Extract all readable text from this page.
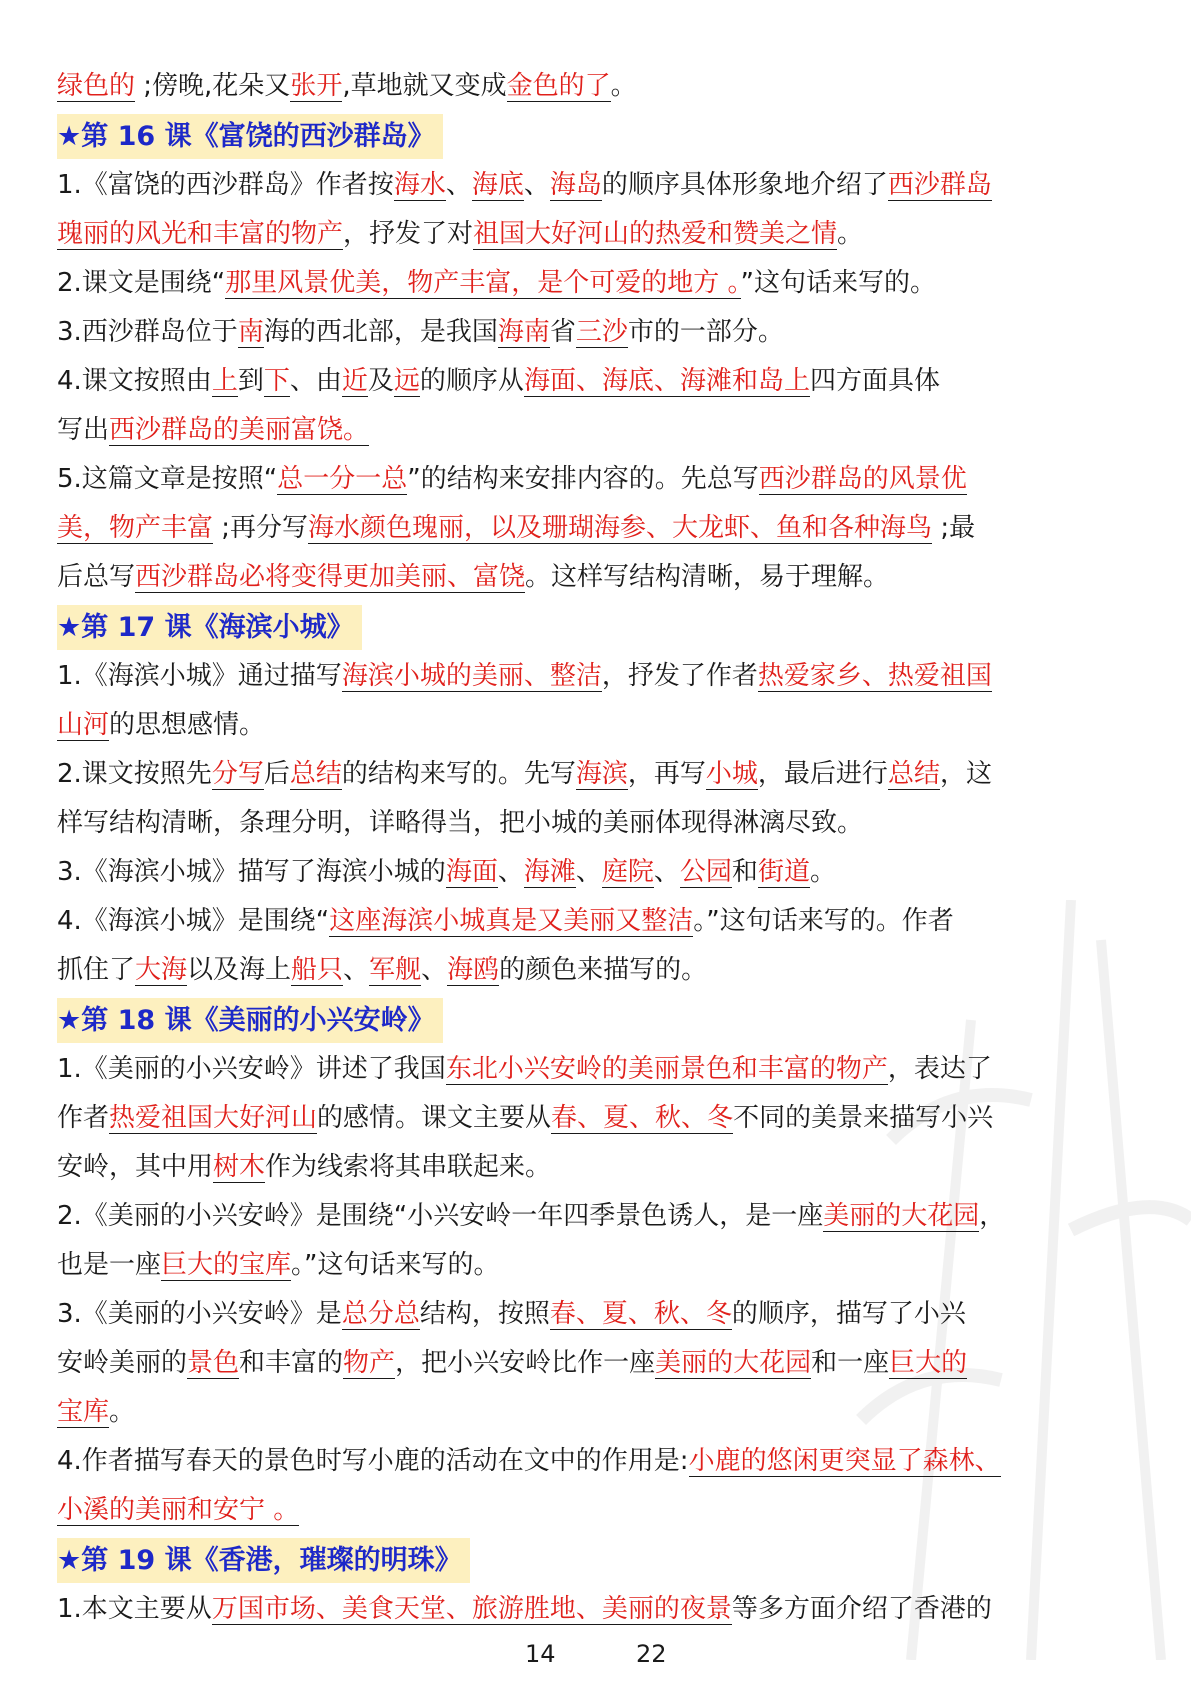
绿色的 ;傍晚,花朵又张开,草地就又变成金色的了。
★第 16 课《富饶的西沙群岛》
1.《富饶的西沙群岛》作者按海水、海底、海岛的顺序具体形象地介绍了西沙群岛
瑰丽的风光和丰富的物产，抒发了对祖国大好河山的热爱和赞美之情。
2.课文是围绕“那里风景优美，物产丰富，是个可爱的地方 。”这句话来写的。
3.西沙群岛位于南海的西北部，是我国海南省三沙市的一部分。
4.课文按照由上到下、由近及远的顺序从海面、海底、海滩和岛上四方面具体
写出西沙群岛的美丽富饶。
5.这篇文章是按照“总一分一总”的结构来安排内容的。先总写西沙群岛的风景优
美，物产丰富 ;再分写海水颜色瑰丽，以及珊瑚海参、大龙虾、鱼和各种海鸟 ;最
后总写西沙群岛必将变得更加美丽、富饶。这样写结构清晰，易于理解。
★第 17 课《海滨小城》
1.《海滨小城》通过描写海滨小城的美丽、整洁，抒发了作者热爱家乡、热爱祖国
山河的思想感情。
2.课文按照先分写后总结的结构来写的。先写海滨，再写小城，最后进行总结，这
样写结构清晰，条理分明，详略得当，把小城的美丽体现得淋漓尽致。
3.《海滨小城》描写了海滨小城的海面、海滩、庭院、公园和街道。
4.《海滨小城》是围绕“这座海滨小城真是又美丽又整洁。”这句话来写的。作者
抓住了大海以及海上船只、军舰、海鸥的颜色来描写的。
★第 18 课《美丽的小兴安岭》
1.《美丽的小兴安岭》讲述了我国东北小兴安岭的美丽景色和丰富的物产，表达了
作者热爱祖国大好河山的感情。课文主要从春、夏、秋、冬不同的美景来描写小兴
安岭，其中用树木作为线索将其串联起来。
2.《美丽的小兴安岭》是围绕“小兴安岭一年四季景色诱人，是一座美丽的大花园，
也是一座巨大的宝库。”这句话来写的。
3.《美丽的小兴安岭》是总分总结构，按照春、夏、秋、冬的顺序，描写了小兴
安岭美丽的景色和丰富的物产，把小兴安岭比作一座美丽的大花园和一座巨大的
宝库。
4.作者描写春天的景色时写小鹿的活动在文中的作用是:小鹿的悠闲更突显了森林、
小溪的美丽和安宁 。
★第 19 课《香港，璀璨的明珠》
1.本文主要从万国市场、美食天堂、旅游胜地、美丽的夜景等多方面介绍了香港的
14	22
